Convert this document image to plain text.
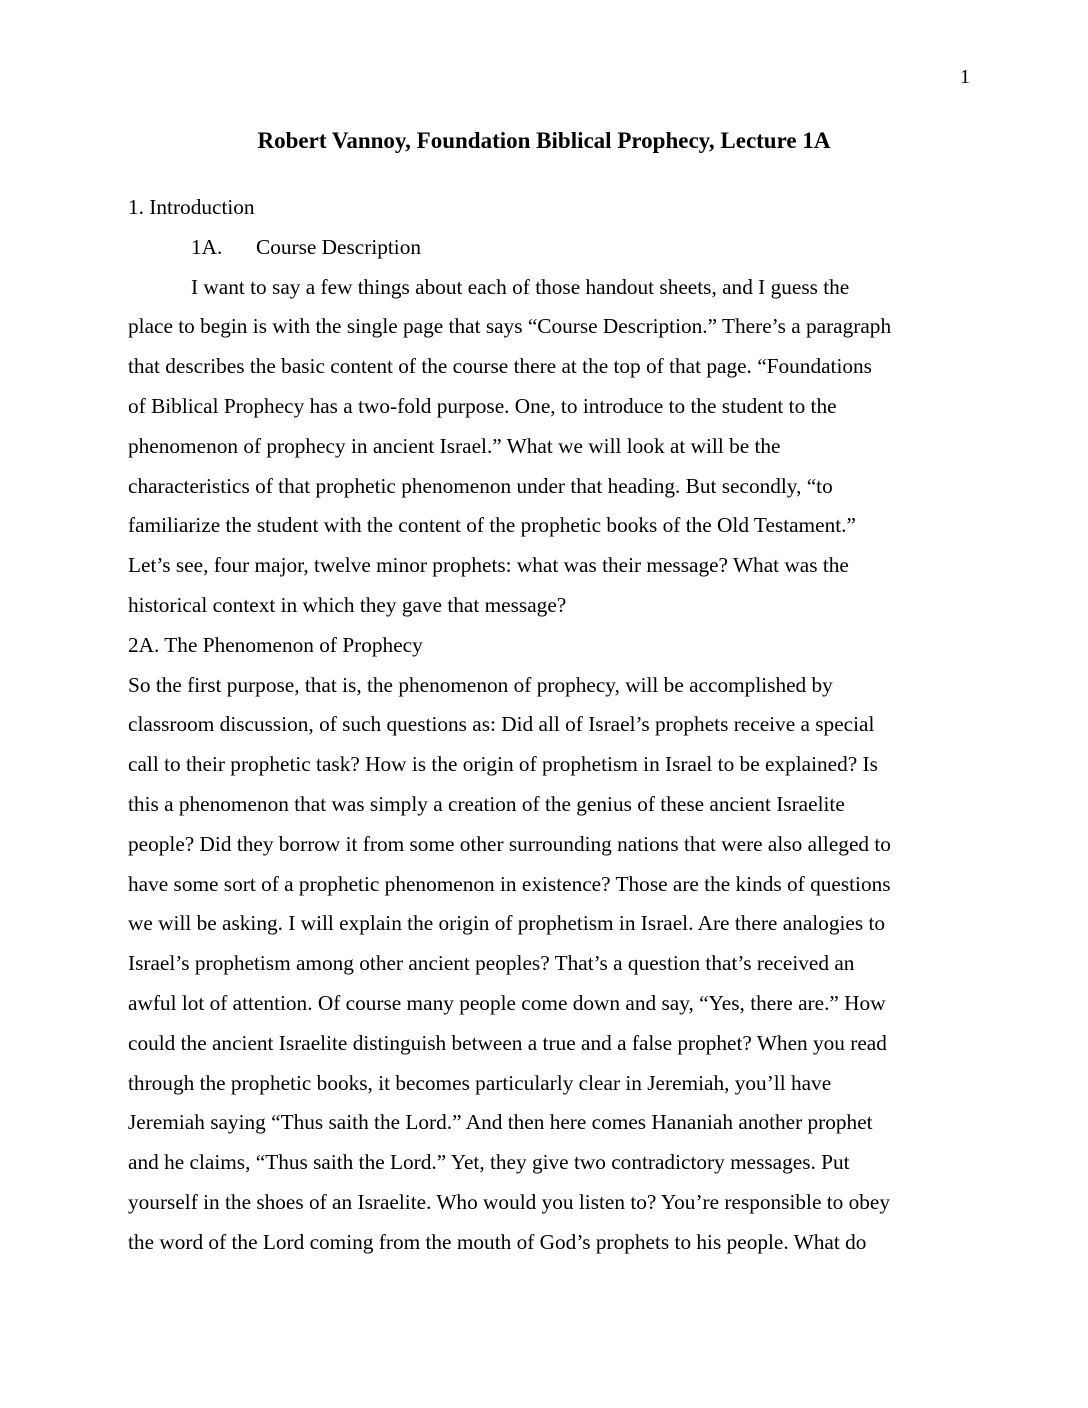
1
Robert Vannoy, Foundation Biblical Prophecy, Lecture 1A
1. Introduction
1A. Course Description
I want to say a few things about each of those handout sheets, and I guess the
place to begin is with the single page that says “Course Description.” There’s a paragraph
that describes the basic content of the course there at the top of that page. “Foundations
of Biblical Prophecy has a two-fold purpose. One, to introduce to the student to the
phenomenon of prophecy in ancient Israel.” What we will look at will be the
characteristics of that prophetic phenomenon under that heading. But secondly, “to
familiarize the student with the content of the prophetic books of the Old Testament.”
Let’s see, four major, twelve minor prophets: what was their message? What was the
historical context in which they gave that message?
2A. The Phenomenon of Prophecy
So the first purpose, that is, the phenomenon of prophecy, will be accomplished by
classroom discussion, of such questions as: Did all of Israel’s prophets receive a special
call to their prophetic task? How is the origin of prophetism in Israel to be explained? Is
this a phenomenon that was simply a creation of the genius of these ancient Israelite
people? Did they borrow it from some other surrounding nations that were also alleged to
have some sort of a prophetic phenomenon in existence? Those are the kinds of questions
we will be asking. I will explain the origin of prophetism in Israel. Are there analogies to
Israel’s prophetism among other ancient peoples? That’s a question that’s received an
awful lot of attention. Of course many people come down and say, “Yes, there are.” How
could the ancient Israelite distinguish between a true and a false prophet? When you read
through the prophetic books, it becomes particularly clear in Jeremiah, you’ll have
Jeremiah saying “Thus saith the Lord.” And then here comes Hananiah another prophet
and he claims, “Thus saith the Lord.” Yet, they give two contradictory messages. Put
yourself in the shoes of an Israelite. Who would you listen to? You’re responsible to obey
the word of the Lord coming from the mouth of God’s prophets to his people. What do
